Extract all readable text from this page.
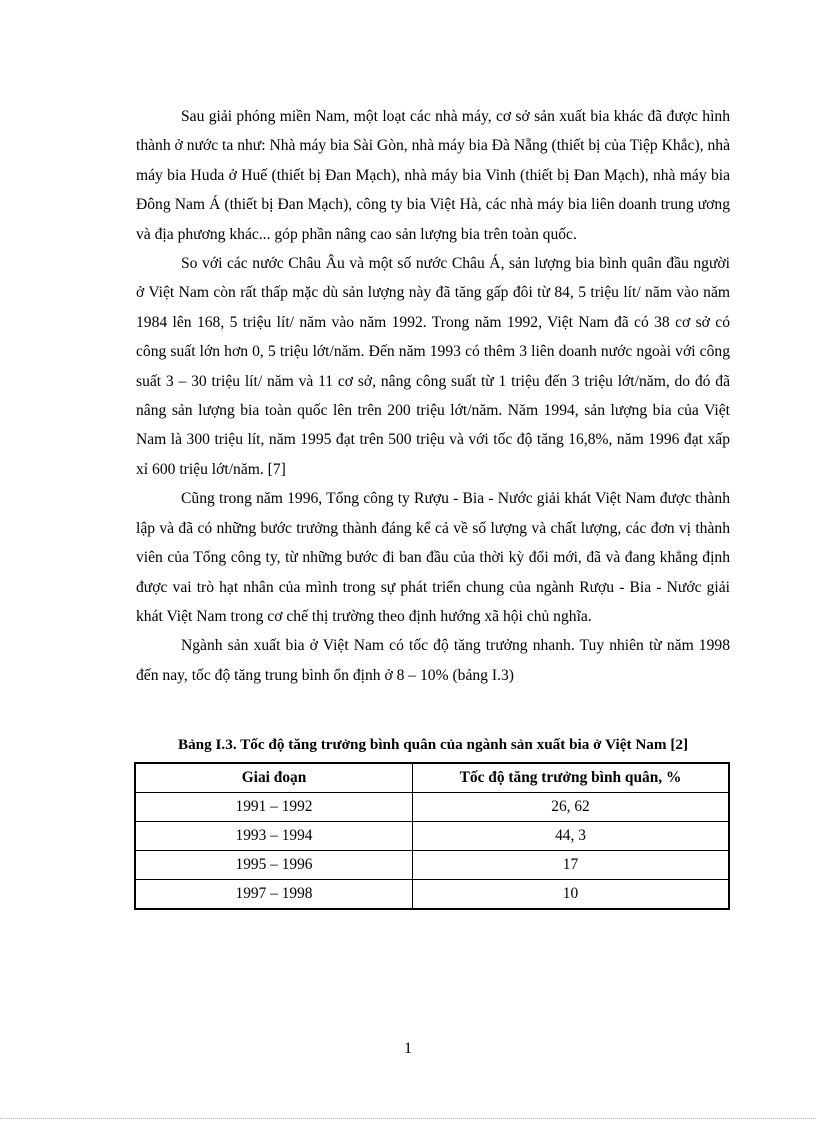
Sau giải phóng miền Nam, một loạt các nhà máy, cơ sở sản xuất bia khác đã được hình thành ở nước ta như: Nhà máy bia Sài Gòn, nhà máy bia Đà Nẵng (thiết bị của Tiệp Khắc), nhà máy bia Huda ở Huế (thiết bị Đan Mạch), nhà máy bia Vinh (thiết bị Đan Mạch), nhà máy bia Đông Nam Á (thiết bị Đan Mạch), công ty bia Việt Hà, các nhà máy bia liên doanh trung ương và địa phương khác... góp phần nâng cao sản lượng bia trên toàn quốc.

So với các nước Châu Âu và một số nước Châu Á, sản lượng bia bình quân đầu người ở Việt Nam còn rất thấp mặc dù sản lượng này đã tăng gấp đôi từ 84, 5 triệu lít/ năm vào năm 1984 lên 168, 5 triệu lít/ năm vào năm 1992. Trong năm 1992, Việt Nam đã có 38 cơ sở có công suất lớn hơn 0, 5 triệu lớt/năm. Đến năm 1993 có thêm 3 liên doanh nước ngoài với công suất 3 – 30 triệu lít/ năm và 11 cơ sở, nâng công suất từ 1 triệu đến 3 triệu lớt/năm, do đó đã nâng sản lượng bia toàn quốc lên trên 200 triệu lớt/năm. Năm 1994, sản lượng bia của Việt Nam là 300 triệu lít, năm 1995 đạt trên 500 triệu và với tốc độ tăng 16,8%, năm 1996 đạt xấp xỉ 600 triệu lớt/năm. [7]

Cũng trong năm 1996, Tổng công ty Rượu - Bia - Nước giải khát Việt Nam được thành lập và đã có những bước trưởng thành đáng kể cả về số lượng và chất lượng, các đơn vị thành viên của Tổng công ty, từ những bước đi ban đầu của thời kỳ đổi mới, đã và đang khẳng định được vai trò hạt nhân của mình trong sự phát triển chung của ngành Rượu - Bia - Nước giải khát Việt Nam trong cơ chế thị trường theo định hướng xã hội chủ nghĩa.

Ngành sản xuất bia ở Việt Nam có tốc độ tăng trưởng nhanh. Tuy nhiên từ năm 1998 đến nay, tốc độ tăng trung bình ổn định ở 8 – 10% (bảng I.3)

Bảng I.3. Tốc độ tăng trưởng bình quân của ngành sản xuất bia ở Việt Nam [2]
Giai đoạn	Tốc độ tăng trưởng bình quân, %
1991 – 1992	26, 62
1993 – 1994	44, 3
1995 – 1996	17
1997 – 1998	10
1
